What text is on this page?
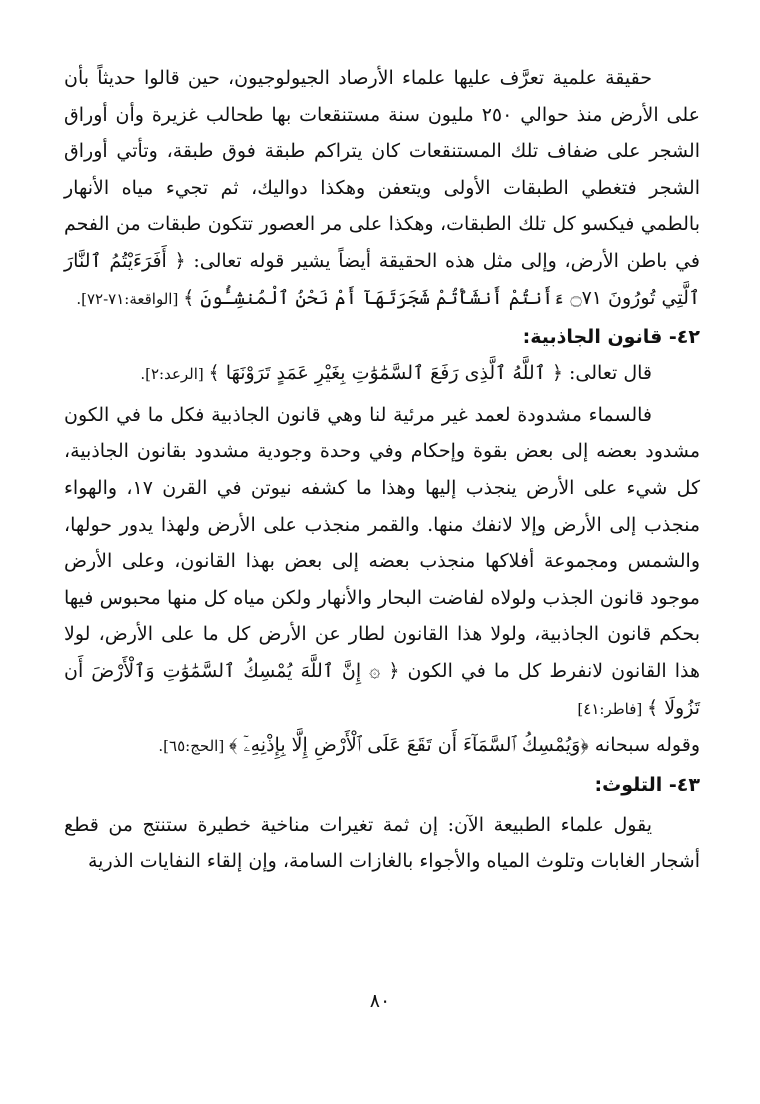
حقيقة علمية تعرَّف عليها علماء الأرصاد الجيولوجيون، حين قالوا حديثاً بأن على الأرض منذ حوالي ٢٥٠ مليون سنة مستنقعات بها طحالب غزيرة وأن أوراق الشجر على ضفاف تلك المستنقعات كان يتراكم طبقة فوق طبقة، وتأتي أوراق الشجر فتغطي الطبقات الأولى ويتعفن وهكذا دواليك، ثم تجيء مياه الأنهار بالطمي فيكسو كل تلك الطبقات، وهكذا على مر العصور تتكون طبقات من الفحم في باطن الأرض، وإلى مثل هذه الحقيقة أيضاً يشير قوله تعالى: ﴿ أَفَرَءَيْتُمُ ٱلنَّارَ ٱلَّتِي تُورُونَ ۝٧١ ءَأَنتُمْ أَنشَأْتُمْ شَجَرَتَهَآ أَمْ نَحْنُ ٱلْمُنشِـُٔونَ ﴾ [الواقعة:٧١-٧٢].
٤٢- قانون الجاذبية:
قال تعالى: ﴿ ٱللَّهُ ٱلَّذِى رَفَعَ ٱلسَّمَٰوَٰتِ بِغَيْرِ عَمَدٍ تَرَوْنَهَا ﴾ [الرعد:٢].
فالسماء مشدودة لعمد غير مرئية لنا وهي قانون الجاذبية فكل ما في الكون مشدود بعضه إلى بعض بقوة وإحكام وفي وحدة وجودية مشدود بقانون الجاذبية، كل شيء على الأرض ينجذب إليها وهذا ما كشفه نيوتن في القرن ١٧، والهواء منجذب إلى الأرض وإلا لانفك منها. والقمر منجذب على الأرض ولهذا يدور حولها، والشمس ومجموعة أفلاكها منجذب بعضه إلى بعض بهذا القانون، وعلى الأرض موجود قانون الجذب ولولاه لفاضت البحار والأنهار ولكن مياه كل منها محبوس فيها بحكم قانون الجاذبية، ولولا هذا القانون لطار عن الأرض كل ما على الأرض، لولا هذا القانون لانفرط كل ما في الكون ﴿ ۞ إِنَّ ٱللَّهَ يُمْسِكُ ٱلسَّمَٰوَٰتِ وَٱلْأَرْضَ أَن تَزُولَا ﴾ [فاطر:٤١]
وقوله سبحانه ﴿وَيُمْسِكُ ٱلسَّمَآءَ أَن تَقَعَ عَلَى ٱلْأَرْضِ إِلَّا بِإِذْنِهِۦٓ ﴾ [الحج:٦٥].
٤٣- التلوث:
يقول علماء الطبيعة الآن: إن ثمة تغيرات مناخية خطيرة ستنتج من قطع أشجار الغابات وتلوث المياه والأجواء بالغازات السامة، وإن إلقاء النفايات الذرية
٨٠
